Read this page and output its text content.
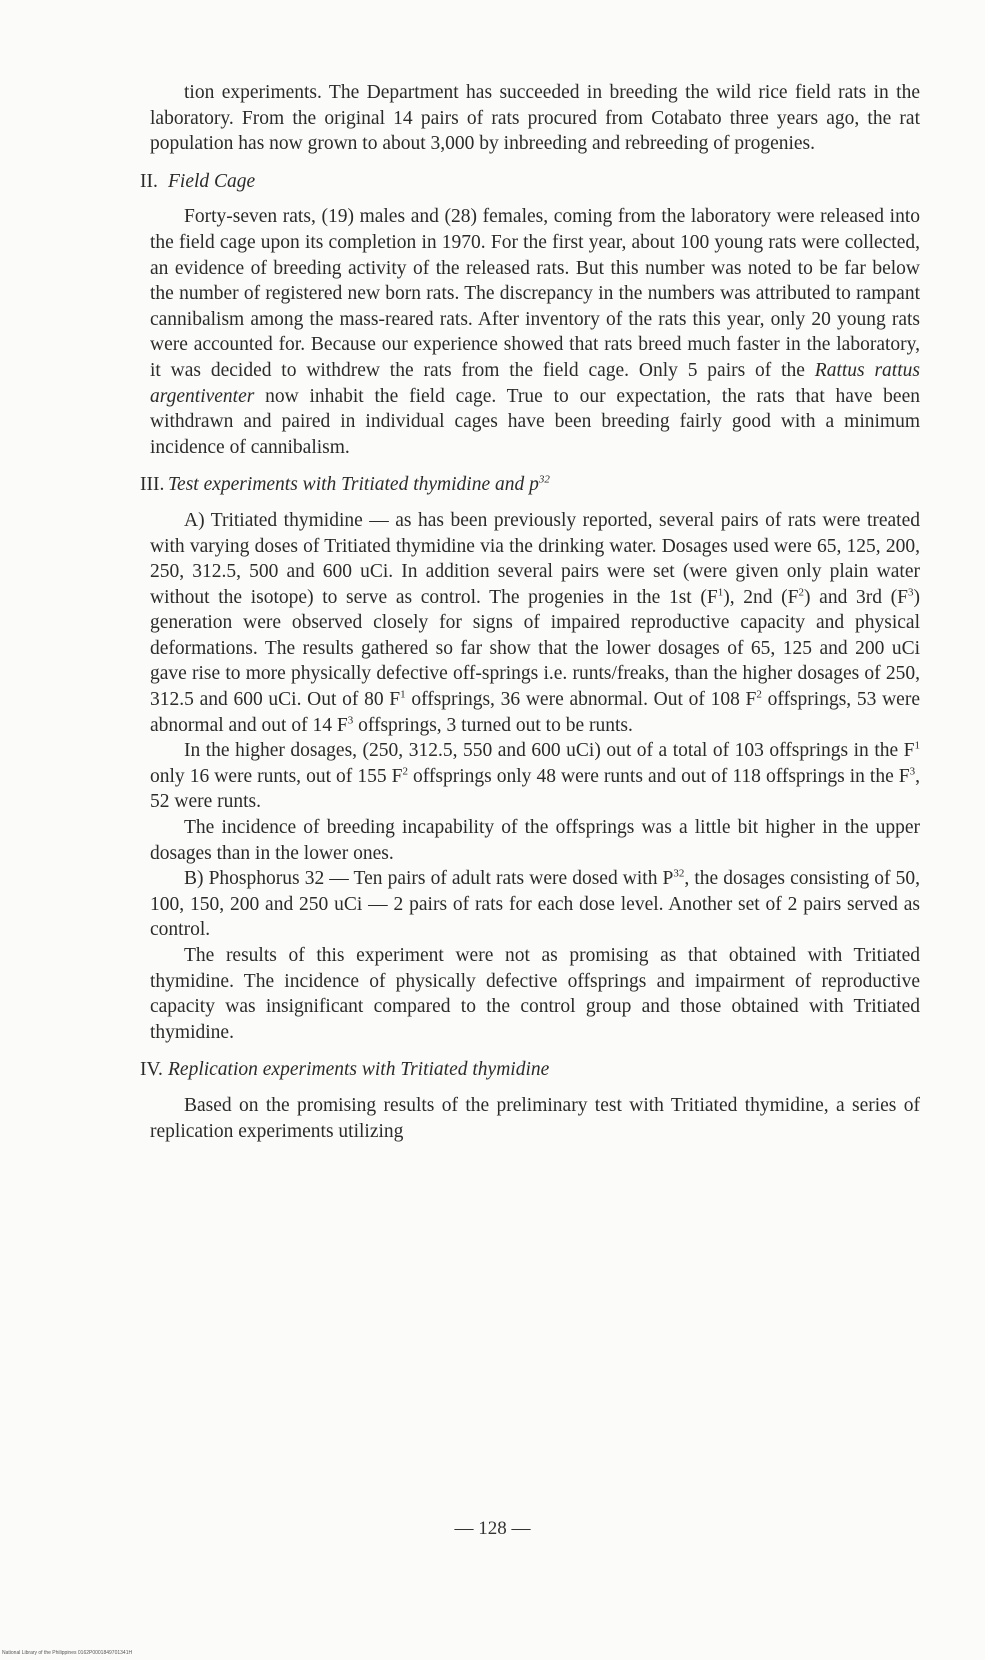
tion experiments. The Department has succeeded in breeding the wild rice field rats in the laboratory. From the original 14 pairs of rats procured from Cotabato three years ago, the rat population has now grown to about 3,000 by inbreeding and rebreeding of progenies.

II. Field Cage

Forty-seven rats, (19) males and (28) females, coming from the laboratory were released into the field cage upon its completion in 1970. For the first year, about 100 young rats were collected, an evidence of breeding activity of the released rats. But this number was noted to be far below the number of registered new born rats. The discrepancy in the numbers was attributed to rampant cannibalism among the mass-reared rats. After inventory of the rats this year, only 20 young rats were accounted for. Because our experience showed that rats breed much faster in the laboratory, it was decided to withdrew the rats from the field cage. Only 5 pairs of the Rattus rattus argentiventer now inhabit the field cage. True to our expectation, the rats that have been withdrawn and paired in individual cages have been breeding fairly good with a minimum incidence of cannibalism.

III. Test experiments with Tritiated thymidine and $p^{32}$

A) Tritiated thymidine — as has been previously reported, several pairs of rats were treated with varying doses of Tritiated thymidine via the drinking water. Dosages used were 65, 125, 200, 250, 312.5, 500 and 600 uCi. In addition several pairs were set (were given only plain water without the isotope) to serve as control. The progenies in the 1st $(F^1)$, 2nd $(F^2)$ and 3rd $(F^3)$ generation were observed closely for signs of impaired reproductive capacity and physical deformations. The results gathered so far show that the lower dosages of 65, 125 and 200 uCi gave rise to more physically defective off-springs i.e. runts/freaks, than the higher dosages of 250, 312.5 and 600 uCi. Out of 80 $F^1$ offsprings, 36 were abnormal. Out of 108 $F^2$ offsprings, 53 were abnormal and out of 14 $F^3$ offsprings, 3 turned out to be runts.

In the higher dosages, (250, 312.5, 550 and 600 uCi) out of a total of 103 offsprings in the $F^1$ only 16 were runts, out of 155 $F^2$ offsprings only 48 were runts and out of 118 offsprings in the $F^3$, 52 were runts.

The incidence of breeding incapability of the offsprings was a little bit higher in the upper dosages than in the lower ones.

B) Phosphorus 32 — Ten pairs of adult rats were dosed with $P^{32}$, the dosages consisting of 50, 100, 150, 200 and 250 uCi — 2 pairs of rats for each dose level. Another set of 2 pairs served as control.

The results of this experiment were not as promising as that obtained with Tritiated thymidine. The incidence of physically defective offsprings and impairment of reproductive capacity was insignificant compared to the control group and those obtained with Tritiated thymidine.

IV. Replication experiments with Tritiated thymidine

Based on the promising results of the preliminary test with Tritiated thymidine, a series of replication experiments utilizing

— 128 —
National Library of the Philippines 0162P0001849701341H
